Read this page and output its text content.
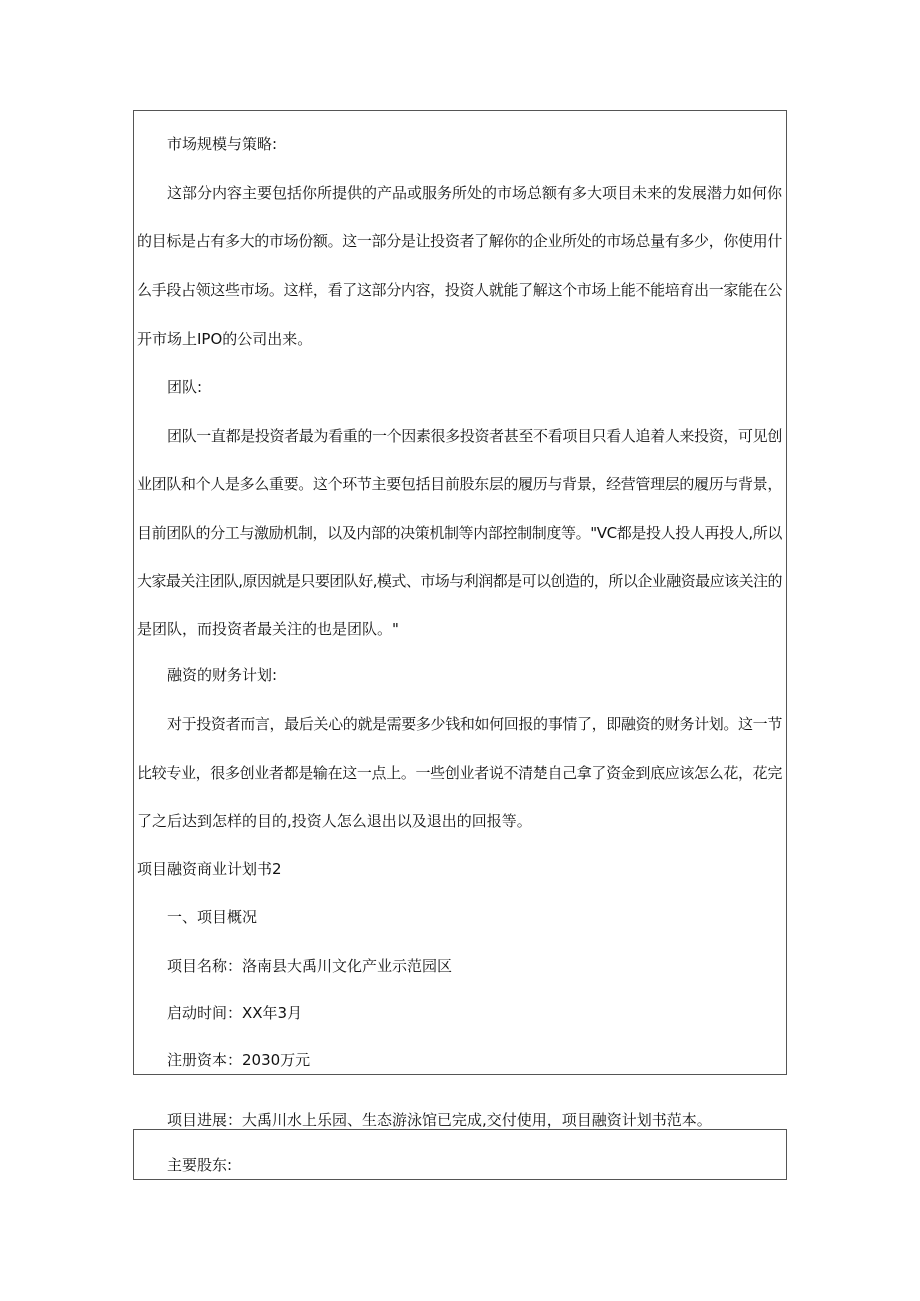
市场规模与策略:
这部分内容主要包括你所提供的产品或服务所处的市场总额有多大项目未来的发展潜力如何你
的目标是占有多大的市场份额。这一部分是让投资者了解你的企业所处的市场总量有多少，你使用什
么手段占领这些市场。这样，看了这部分内容，投资人就能了解这个市场上能不能培育出一家能在公
开市场上IPO的公司出来。
团队:
团队一直都是投资者最为看重的一个因素很多投资者甚至不看项目只看人追着人来投资，可见创
业团队和个人是多么重要。这个环节主要包括目前股东层的履历与背景，经营管理层的履历与背景，
目前团队的分工与激励机制，以及内部的决策机制等内部控制制度等。"VC都是投人投人再投人,所以
大家最关注团队,原因就是只要团队好,模式、市场与利润都是可以创造的，所以企业融资最应该关注的
是团队，而投资者最关注的也是团队。"
融资的财务计划:
对于投资者而言，最后关心的就是需要多少钱和如何回报的事情了，即融资的财务计划。这一节
比较专业，很多创业者都是输在这一点上。一些创业者说不清楚自己拿了资金到底应该怎么花，花完
了之后达到怎样的目的,投资人怎么退出以及退出的回报等。
项目融资商业计划书2
一、项目概况
项目名称：洛南县大禹川文化产业示范园区
启动时间：XX年3月
注册资本：2030万元
项目进展：大禹川水上乐园、生态游泳馆已完成,交付使用，项目融资计划书范本。
主要股东:
